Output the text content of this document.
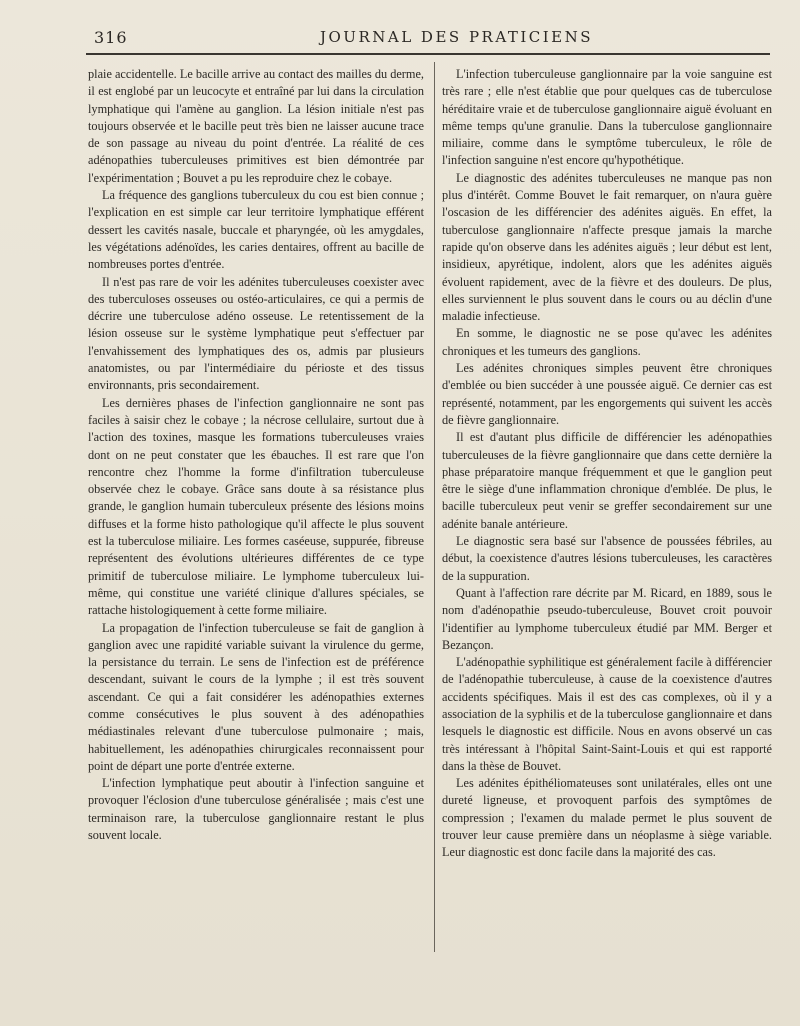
316	JOURNAL DES PRATICIENS

plaie accidentelle. Le bacille arrive au contact des mailles du derme, il est englobé par un leucocyte et entraîné par lui dans la circulation lymphatique qui l'amène au ganglion. La lésion initiale n'est pas toujours observée et le bacille peut très bien ne laisser aucune trace de son passage au niveau du point d'entrée. La réalité de ces adénopathies tuberculeuses primitives est bien démontrée par l'expérimentation ; Bouvet a pu les reproduire chez le cobaye.

La fréquence des ganglions tuberculeux du cou est bien connue ; l'explication en est simple car leur territoire lymphatique efférent dessert les cavités nasale, buccale et pharyngée, où les amygdales, les végétations adénoïdes, les caries dentaires, offrent au bacille de nombreuses portes d'entrée.

Il n'est pas rare de voir les adénites tuberculeuses coexister avec des tuberculoses osseuses ou ostéo-articulaires, ce qui a permis de décrire une tuberculose adéno osseuse. Le retentissement de la lésion osseuse sur le système lymphatique peut s'effectuer par l'envahissement des lymphatiques des os, admis par plusieurs anatomistes, ou par l'intermédiaire du périoste et des tissus environnants, pris secondairement.

Les dernières phases de l'infection ganglionnaire ne sont pas faciles à saisir chez le cobaye ; la nécrose cellulaire, surtout due à l'action des toxines, masque les formations tuberculeuses vraies dont on ne peut constater que les ébauches. Il est rare que l'on rencontre chez l'homme la forme d'infiltration tuberculeuse observée chez le cobaye. Grâce sans doute à sa résistance plus grande, le ganglion humain tuberculeux présente des lésions moins diffuses et la forme histo pathologique qu'il affecte le plus souvent est la tuberculose miliaire. Les formes caséeuse, suppurée, fibreuse représentent des évolutions ultérieures différentes de ce type primitif de tuberculose miliaire. Le lymphome tuberculeux lui-même, qui constitue une variété clinique d'allures spéciales, se rattache histologiquement à cette forme miliaire.

La propagation de l'infection tuberculeuse se fait de ganglion à ganglion avec une rapidité variable suivant la virulence du germe, la persistance du terrain. Le sens de l'infection est de préférence descendant, suivant le cours de la lymphe ; il est très souvent ascendant. Ce qui a fait considérer les adénopathies externes comme consécutives le plus souvent à des adénopathies médiastinales relevant d'une tuberculose pulmonaire ; mais, habituellement, les adénopathies chirurgicales reconnaissent pour point de départ une porte d'entrée externe.

L'infection lymphatique peut aboutir à l'infection sanguine et provoquer l'éclosion d'une tuberculose généralisée ; mais c'est une terminaison rare, la tuberculose ganglionnaire restant le plus souvent locale.

L'infection tuberculeuse ganglionnaire par la voie sanguine est très rare ; elle n'est établie que pour quelques cas de tuberculose héréditaire vraie et de tuberculose ganglionnaire aiguë évoluant en même temps qu'une granulie. Dans la tuberculose ganglionnaire miliaire, comme dans le symptôme tuberculeux, le rôle de l'infection sanguine n'est encore qu'hypothétique.

Le diagnostic des adénites tuberculeuses ne manque pas non plus d'intérêt. Comme Bouvet le fait remarquer, on n'aura guère l'oscasion de les différencier des adénites aiguës. En effet, la tuberculose ganglionnaire n'affecte presque jamais la marche rapide qu'on observe dans les adénites aiguës ; leur début est lent, insidieux, apyrétique, indolent, alors que les adénites aiguës évoluent rapidement, avec de la fièvre et des douleurs. De plus, elles surviennent le plus souvent dans le cours ou au déclin d'une maladie infectieuse.

En somme, le diagnostic ne se pose qu'avec les adénites chroniques et les tumeurs des ganglions.

Les adénites chroniques simples peuvent être chroniques d'emblée ou bien succéder à une poussée aiguë. Ce dernier cas est représenté, notamment, par les engorgements qui suivent les accès de fièvre ganglionnaire.

Il est d'autant plus difficile de différencier les adénopathies tuberculeuses de la fièvre ganglionnaire que dans cette dernière la phase préparatoire manque fréquemment et que le ganglion peut être le siège d'une inflammation chronique d'emblée. De plus, le bacille tuberculeux peut venir se greffer secondairement sur une adénite banale antérieure.

Le diagnostic sera basé sur l'absence de poussées fébriles, au début, la coexistence d'autres lésions tuberculeuses, les caractères de la suppuration.

Quant à l'affection rare décrite par M. Ricard, en 1889, sous le nom d'adénopathie pseudo-tuberculeuse, Bouvet croit pouvoir l'identifier au lymphome tuberculeux étudié par MM. Berger et Bezançon.

L'adénopathie syphilitique est généralement facile à différencier de l'adénopathie tuberculeuse, à cause de la coexistence d'autres accidents spécifiques. Mais il est des cas complexes, où il y a association de la syphilis et de la tuberculose ganglionnaire et dans lesquels le diagnostic est difficile. Nous en avons observé un cas très intéressant à l'hôpital Saint-Saint-Louis et qui est rapporté dans la thèse de Bouvet.

Les adénites épithéliomateuses sont unilatérales, elles ont une dureté ligneuse, et provoquent parfois des symptômes de compression ; l'examen du malade permet le plus souvent de trouver leur cause première dans un néoplasme à siège variable. Leur diagnostic est donc facile dans la majorité des cas.
